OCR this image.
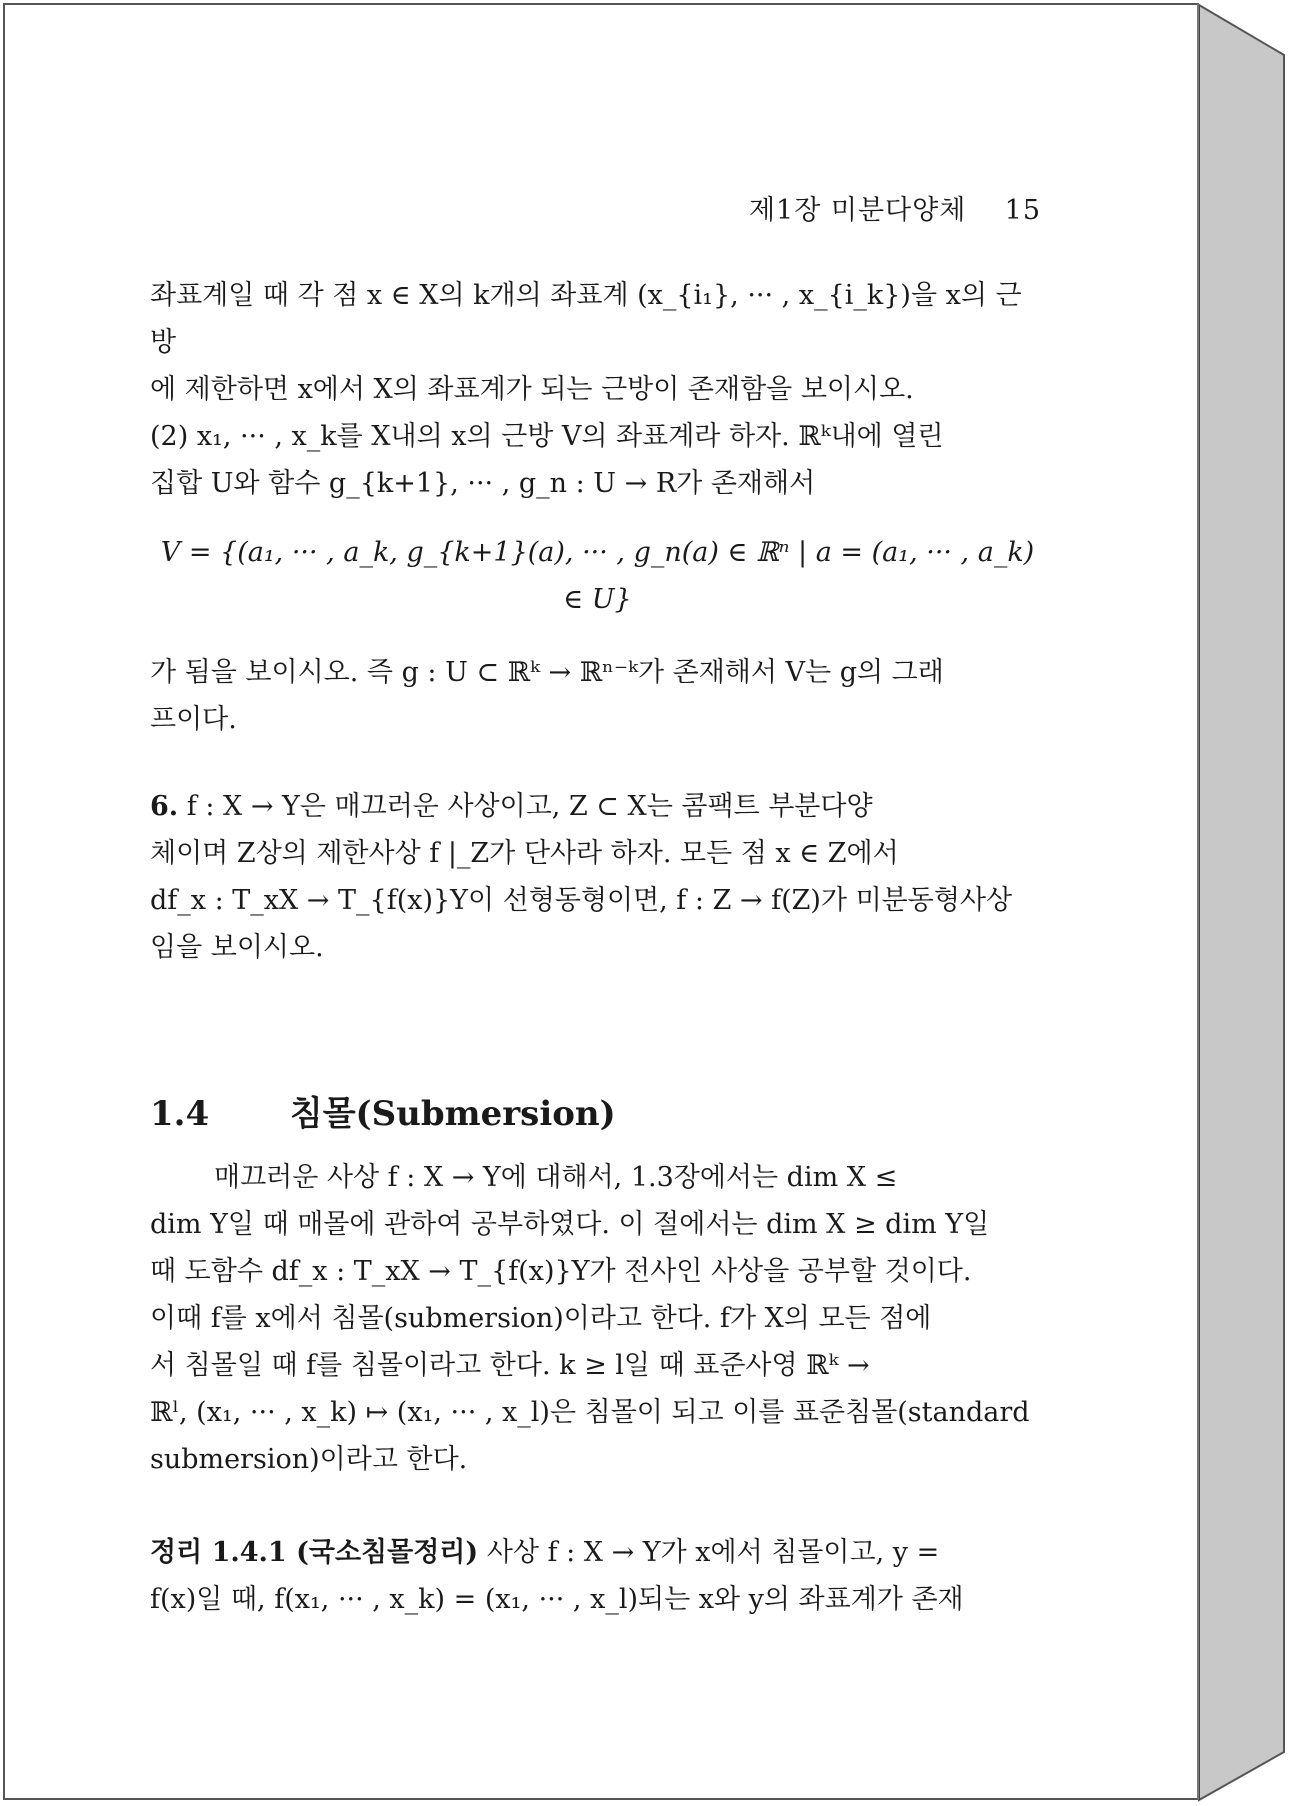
제1장 미분다양체 15

좌표계일 때 각 점 x ∈ X의 k개의 좌표계 (x_{i₁}, ··· , x_{i_k})을 x의 근방

에 제한하면 x에서 X의 좌표계가 되는 근방이 존재함을 보이시오.

(2) x₁, ··· , x_k를 X내의 x의 근방 V의 좌표계라 하자. ℝᵏ내에 열린

집합 U와 함수 g_{k+1}, ··· , g_n : U → R가 존재해서

V = {(a₁, ··· , a_k, g_{k+1}(a), ··· , g_n(a) ∈ ℝⁿ | a = (a₁, ··· , a_k) ∈ U}

가 됨을 보이시오. 즉 g : U ⊂ ℝᵏ → ℝⁿ⁻ᵏ가 존재해서 V는 g의 그래

프이다.

6. f : X → Y은 매끄러운 사상이고, Z ⊂ X는 콤팩트 부분다양

체이며 Z상의 제한사상 f |_Z가 단사라 하자. 모든 점 x ∈ Z에서

df_x : T_xX → T_{f(x)}Y이 선형동형이면, f : Z → f(Z)가 미분동형사상

임을 보이시오.

1.4 침몰(Submersion)

매끄러운 사상 f : X → Y에 대해서, 1.3장에서는 dim X ≤

dim Y일 때 매몰에 관하여 공부하였다. 이 절에서는 dim X ≥ dim Y일

때 도함수 df_x : T_xX → T_{f(x)}Y가 전사인 사상을 공부할 것이다.

이때 f를 x에서 침몰(submersion)이라고 한다. f가 X의 모든 점에

서 침몰일 때 f를 침몰이라고 한다. k ≥ l일 때 표준사영 ℝᵏ →

ℝˡ, (x₁, ··· , x_k) ↦ (x₁, ··· , x_l)은 침몰이 되고 이를 표준침몰(standard

submersion)이라고 한다.

정리 1.4.1 (국소침몰정리) 사상 f : X → Y가 x에서 침몰이고, y =

f(x)일 때, f(x₁, ··· , x_k) = (x₁, ··· , x_l)되는 x와 y의 좌표계가 존재
